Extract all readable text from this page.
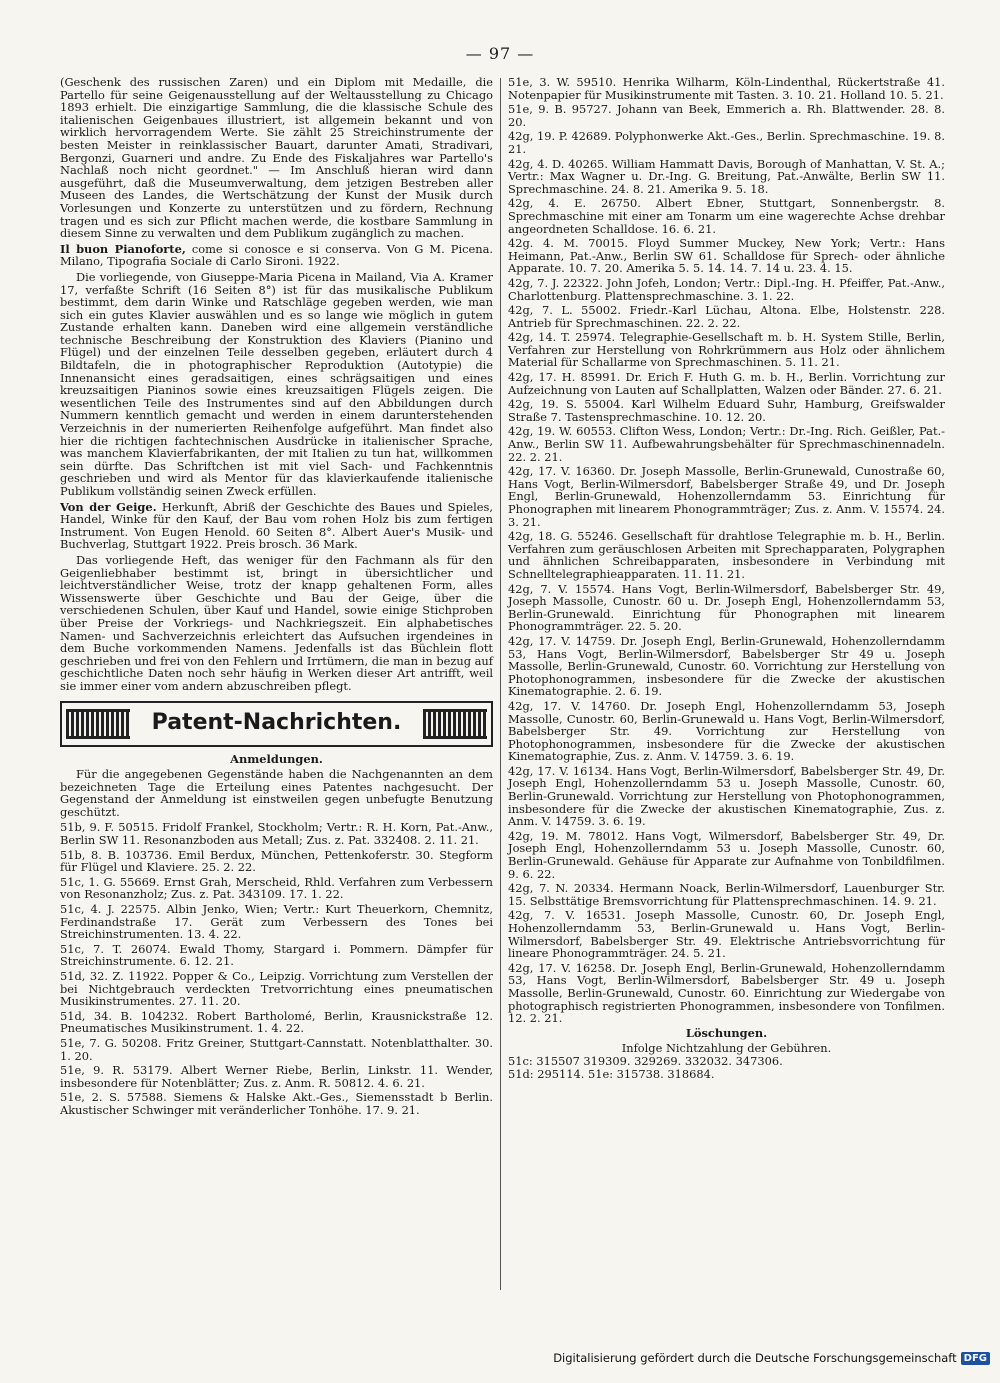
— 97 —

(Geschenk des russischen Zaren) und ein Diplom mit Medaille, die Partello für seine Geigenausstellung auf der Weltausstellung zu Chicago 1893 erhielt. Die einzigartige Sammlung, die die klassische Schule des italienischen Geigenbaues illustriert, ist allgemein bekannt und von wirklich hervorragendem Werte. Sie zählt 25 Streichinstrumente der besten Meister in reinklassischer Bauart, darunter Amati, Stradivari, Bergonzi, Guarneri und andre. Zu Ende des Fiskaljahres war Partello's Nachlaß noch nicht geordnet." — Im Anschluß hieran wird dann ausgeführt, daß die Museumverwaltung, dem jetzigen Bestreben aller Museen des Landes, die Wertschätzung der Kunst der Musik durch Vorlesungen und Konzerte zu unterstützen und zu fördern, Rechnung tragen und es sich zur Pflicht machen werde, die kostbare Sammlung in diesem Sinne zu verwalten und dem Publikum zugänglich zu machen.

Il buon Pianoforte, come si conosce e si conserva. Von G M. Picena. Milano, Tipografia Sociale di Carlo Sironi. 1922.

Die vorliegende, von Giuseppe-Maria Picena in Mailand, Via A. Kramer 17, verfaßte Schrift (16 Seiten 8°) ist für das musikalische Publikum bestimmt, dem darin Winke und Ratschläge gegeben werden, wie man sich ein gutes Klavier auswählen und es so lange wie möglich in gutem Zustande erhalten kann. Daneben wird eine allgemein verständliche technische Beschreibung der Konstruktion des Klaviers (Pianino und Flügel) und der einzelnen Teile desselben gegeben, erläutert durch 4 Bildtafeln, die in photographischer Reproduktion (Autotypie) die Innenansicht eines geradsaitigen, eines schrägsaitigen und eines kreuzsaitigen Pianinos sowie eines kreuzsaitigen Flügels zeigen. Die wesentlichen Teile des Instrumentes sind auf den Abbildungen durch Nummern kenntlich gemacht und werden in einem darunterstehenden Verzeichnis in der numerierten Reihenfolge aufgeführt. Man findet also hier die richtigen fachtechnischen Ausdrücke in italienischer Sprache, was manchem Klavierfabrikanten, der mit Italien zu tun hat, willkommen sein dürfte. Das Schriftchen ist mit viel Sach- und Fachkenntnis geschrieben und wird als Mentor für das klavierkaufende italienische Publikum vollständig seinen Zweck erfüllen.

Von der Geige. Herkunft, Abriß der Geschichte des Baues und Spieles, Handel, Winke für den Kauf, der Bau vom rohen Holz bis zum fertigen Instrument. Von Eugen Henold. 60 Seiten 8°. Albert Auer's Musik- und Buchverlag, Stuttgart 1922. Preis brosch. 36 Mark.

Das vorliegende Heft, das weniger für den Fachmann als für den Geigenliebhaber bestimmt ist, bringt in übersichtlicher und leichtverständlicher Weise, trotz der knapp gehaltenen Form, alles Wissenswerte über Geschichte und Bau der Geige, über die verschiedenen Schulen, über Kauf und Handel, sowie einige Stichproben über Preise der Vorkriegs- und Nachkriegszeit. Ein alphabetisches Namen- und Sachverzeichnis erleichtert das Aufsuchen irgendeines in dem Buche vorkommenden Namens. Jedenfalls ist das Büchlein flott geschrieben und frei von den Fehlern und Irrtümern, die man in bezug auf geschichtliche Daten noch sehr häufig in Werken dieser Art antrifft, weil sie immer einer vom andern abzuschreiben pflegt.

Patent-Nachrichten.
Anmeldungen.

Für die angegebenen Gegenstände haben die Nachgenannten an dem bezeichneten Tage die Erteilung eines Patentes nachgesucht. Der Gegenstand der Anmeldung ist einstweilen gegen unbefugte Benutzung geschützt.

51b, 9. F. 50515. Fridolf Frankel, Stockholm; Vertr.: R. H. Korn, Pat.-Anw., Berlin SW 11. Resonanzboden aus Metall; Zus. z. Pat. 332408. 2. 11. 21.

51b, 8. B. 103736. Emil Berdux, München, Pettenkoferstr. 30. Stegform für Flügel und Klaviere. 25. 2. 22.

51c, 1. G. 55669. Ernst Grah, Merscheid, Rhld. Verfahren zum Verbessern von Resonanzholz; Zus. z. Pat. 343109. 17. 1. 22.

51c, 4. J. 22575. Albin Jenko, Wien; Vertr.: Kurt Theuerkorn, Chemnitz, Ferdinandstraße 17. Gerät zum Verbessern des Tones bei Streichinstrumenten. 13. 4. 22.

51c, 7. T. 26074. Ewald Thomy, Stargard i. Pommern. Dämpfer für Streichinstrumente. 6. 12. 21.

51d, 32. Z. 11922. Popper & Co., Leipzig. Vorrichtung zum Verstellen der bei Nichtgebrauch verdeckten Tretvorrichtung eines pneumatischen Musikinstrumentes. 27. 11. 20.

51d, 34. B. 104232. Robert Bartholomé, Berlin, Krausnickstraße 12. Pneumatisches Musikinstrument. 1. 4. 22.

51e, 7. G. 50208. Fritz Greiner, Stuttgart-Cannstatt. Notenblatthalter. 30. 1. 20.

51e, 9. R. 53179. Albert Werner Riebe, Berlin, Linkstr. 11. Wender, insbesondere für Notenblätter; Zus. z. Anm. R. 50812. 4. 6. 21.

51e, 2. S. 57588. Siemens & Halske Akt.-Ges., Siemensstadt b Berlin. Akustischer Schwinger mit veränderlicher Tonhöhe. 17. 9. 21.

51e, 3. W. 59510. Henrika Wilharm, Köln-Lindenthal, Rückertstraße 41. Notenpapier für Musikinstrumente mit Tasten. 3. 10. 21. Holland 10. 5. 21.

51e, 9. B. 95727. Johann van Beek, Emmerich a. Rh. Blattwender. 28. 8. 20.

42g, 19. P. 42689. Polyphonwerke Akt.-Ges., Berlin. Sprechmaschine. 19. 8. 21.

42g, 4. D. 40265. William Hammatt Davis, Borough of Manhattan, V. St. A.; Vertr.: Max Wagner u. Dr.-Ing. G. Breitung, Pat.-Anwälte, Berlin SW 11. Sprechmaschine. 24. 8. 21. Amerika 9. 5. 18.

42g, 4. E. 26750. Albert Ebner, Stuttgart, Sonnenbergstr. 8. Sprechmaschine mit einer am Tonarm um eine wagerechte Achse drehbar angeordneten Schalldose. 16. 6. 21.

42g. 4. M. 70015. Floyd Summer Muckey, New York; Vertr.: Hans Heimann, Pat.-Anw., Berlin SW 61. Schalldose für Sprech- oder ähnliche Apparate. 10. 7. 20. Amerika 5. 5. 14. 14. 7. 14 u. 23. 4. 15.

42g, 7. J. 22322. John Jofeh, London; Vertr.: Dipl.-Ing. H. Pfeiffer, Pat.-Anw., Charlottenburg. Plattensprechmaschine. 3. 1. 22.

42g, 7. L. 55002. Friedr.-Karl Lüchau, Altona. Elbe, Holstenstr. 228. Antrieb für Sprechmaschinen. 22. 2. 22.

42g, 14. T. 25974. Telegraphie-Gesellschaft m. b. H. System Stille, Berlin, Verfahren zur Herstellung von Rohrkrümmern aus Holz oder ähnlichem Material für Schallarme von Sprechmaschinen. 5. 11. 21.

42g, 17. H. 85991. Dr. Erich F. Huth G. m. b. H., Berlin. Vorrichtung zur Aufzeichnung von Lauten auf Schallplatten, Walzen oder Bänder. 27. 6. 21.

42g, 19. S. 55004. Karl Wilhelm Eduard Suhr, Hamburg, Greifswalder Straße 7. Tastensprechmaschine. 10. 12. 20.

42g, 19. W. 60553. Clifton Wess, London; Vertr.: Dr.-Ing. Rich. Geißler, Pat.-Anw., Berlin SW 11. Aufbewahrungsbehälter für Sprechmaschinennadeln. 22. 2. 21.

42g, 17. V. 16360. Dr. Joseph Massolle, Berlin-Grunewald, Cunostraße 60, Hans Vogt, Berlin-Wilmersdorf, Babelsberger Straße 49, und Dr. Joseph Engl, Berlin-Grunewald, Hohenzollerndamm 53. Einrichtung für Phonographen mit linearem Phonogrammträger; Zus. z. Anm. V. 15574. 24. 3. 21.

42g, 18. G. 55246. Gesellschaft für drahtlose Telegraphie m. b. H., Berlin. Verfahren zum geräuschlosen Arbeiten mit Sprechapparaten, Polygraphen und ähnlichen Schreibapparaten, insbesondere in Verbindung mit Schnelltelegraphieapparaten. 11. 11. 21.

42g, 7. V. 15574. Hans Vogt, Berlin-Wilmersdorf, Babelsberger Str. 49, Joseph Massolle, Cunostr. 60 u. Dr. Joseph Engl, Hohenzollerndamm 53, Berlin-Grunewald. Einrichtung für Phonographen mit linearem Phonogrammträger. 22. 5. 20.

42g, 17. V. 14759. Dr. Joseph Engl, Berlin-Grunewald, Hohenzollerndamm 53, Hans Vogt, Berlin-Wilmersdorf, Babelsberger Str 49 u. Joseph Massolle, Berlin-Grunewald, Cunostr. 60. Vorrichtung zur Herstellung von Photophonogrammen, insbesondere für die Zwecke der akustischen Kinematographie. 2. 6. 19.

42g, 17. V. 14760. Dr. Joseph Engl, Hohenzollerndamm 53, Joseph Massolle, Cunostr. 60, Berlin-Grunewald u. Hans Vogt, Berlin-Wilmersdorf, Babelsberger Str. 49. Vorrichtung zur Herstellung von Photophonogrammen, insbesondere für die Zwecke der akustischen Kinematographie, Zus. z. Anm. V. 14759. 3. 6. 19.

42g, 17. V. 16134. Hans Vogt, Berlin-Wilmersdorf, Babelsberger Str. 49, Dr. Joseph Engl, Hohenzollerndamm 53 u. Joseph Massolle, Cunostr. 60, Berlin-Grunewald. Vorrichtung zur Herstellung von Photophonogrammen, insbesondere für die Zwecke der akustischen Kinematographie, Zus. z. Anm. V. 14759. 3. 6. 19.

42g, 19. M. 78012. Hans Vogt, Wilmersdorf, Babelsberger Str. 49, Dr. Joseph Engl, Hohenzollerndamm 53 u. Joseph Massolle, Cunostr. 60, Berlin-Grunewald. Gehäuse für Apparate zur Aufnahme von Tonbildfilmen. 9. 6. 22.

42g, 7. N. 20334. Hermann Noack, Berlin-Wilmersdorf, Lauenburger Str. 15. Selbsttätige Bremsvorrichtung für Plattensprechmaschinen. 14. 9. 21.

42g, 7. V. 16531. Joseph Massolle, Cunostr. 60, Dr. Joseph Engl, Hohenzollerndamm 53, Berlin-Grunewald u. Hans Vogt, Berlin-Wilmersdorf, Babelsberger Str. 49. Elektrische Antriebsvorrichtung für lineare Phonogrammträger. 24. 5. 21.

42g, 17. V. 16258. Dr. Joseph Engl, Berlin-Grunewald, Hohenzollerndamm 53, Hans Vogt, Berlin-Wilmersdorf, Babelsberger Str. 49 u. Joseph Massolle, Berlin-Grunewald, Cunostr. 60. Einrichtung zur Wiedergabe von photographisch registrierten Phonogrammen, insbesondere von Tonfilmen. 12. 2. 21.

Löschungen.
Infolge Nichtzahlung der Gebühren.
51c: 315507 319309. 329269. 332032. 347306.
51d: 295114. 51e: 315738. 318684.
Digitalisierung gefördert durch die Deutsche Forschungsgemeinschaft DFG
